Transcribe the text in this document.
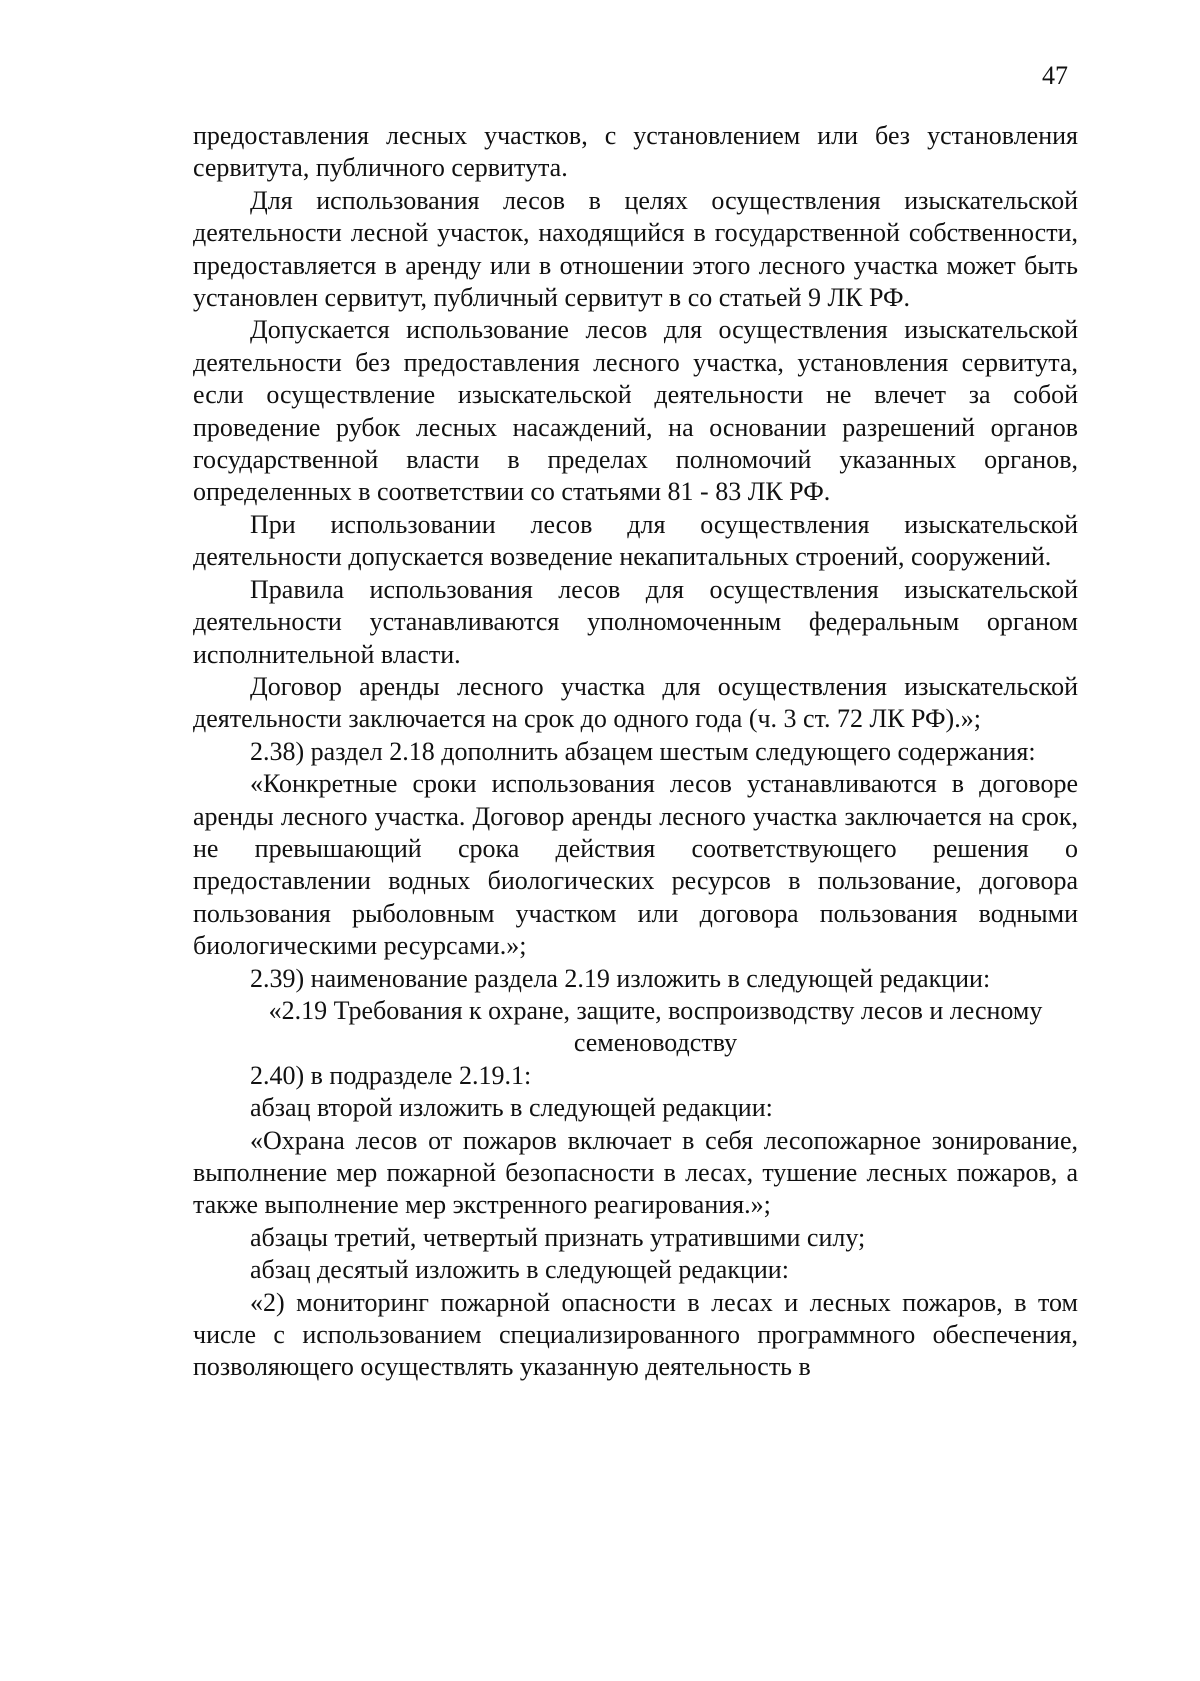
47

предоставления лесных участков, с установлением или без установления сервитута, публичного сервитута.

Для использования лесов в целях осуществления изыскательской деятельности лесной участок, находящийся в государственной собственности, предоставляется в аренду или в отношении этого лесного участка может быть установлен сервитут, публичный сервитут в со статьей 9 ЛК РФ.

Допускается использование лесов для осуществления изыскательской деятельности без предоставления лесного участка, установления сервитута, если осуществление изыскательской деятельности не влечет за собой проведение рубок лесных насаждений, на основании разрешений органов государственной власти в пределах полномочий указанных органов, определенных в соответствии со статьями 81 - 83 ЛК РФ.

При использовании лесов для осуществления изыскательской деятельности допускается возведение некапитальных строений, сооружений.

Правила использования лесов для осуществления изыскательской деятельности устанавливаются уполномоченным федеральным органом исполнительной власти.

Договор аренды лесного участка для осуществления изыскательской деятельности заключается на срок до одного года (ч. 3 ст. 72 ЛК РФ).»;

2.38) раздел 2.18 дополнить абзацем шестым следующего содержания:

«Конкретные сроки использования лесов устанавливаются в договоре аренды лесного участка. Договор аренды лесного участка заключается на срок, не превышающий срока действия соответствующего решения о предоставлении водных биологических ресурсов в пользование, договора пользования рыболовным участком или договора пользования водными биологическими ресурсами.»;

2.39) наименование раздела 2.19 изложить в следующей редакции:

«2.19 Требования к охране, защите, воспроизводству лесов и лесному семеноводству

2.40) в подразделе 2.19.1:

абзац второй изложить в следующей редакции:

«Охрана лесов от пожаров включает в себя лесопожарное зонирование, выполнение мер пожарной безопасности в лесах, тушение лесных пожаров, а также выполнение мер экстренного реагирования.»;

абзацы третий, четвертый признать утратившими силу;

абзац десятый изложить в следующей редакции:

«2) мониторинг пожарной опасности в лесах и лесных пожаров, в том числе с использованием специализированного программного обеспечения, позволяющего осуществлять указанную деятельность в
